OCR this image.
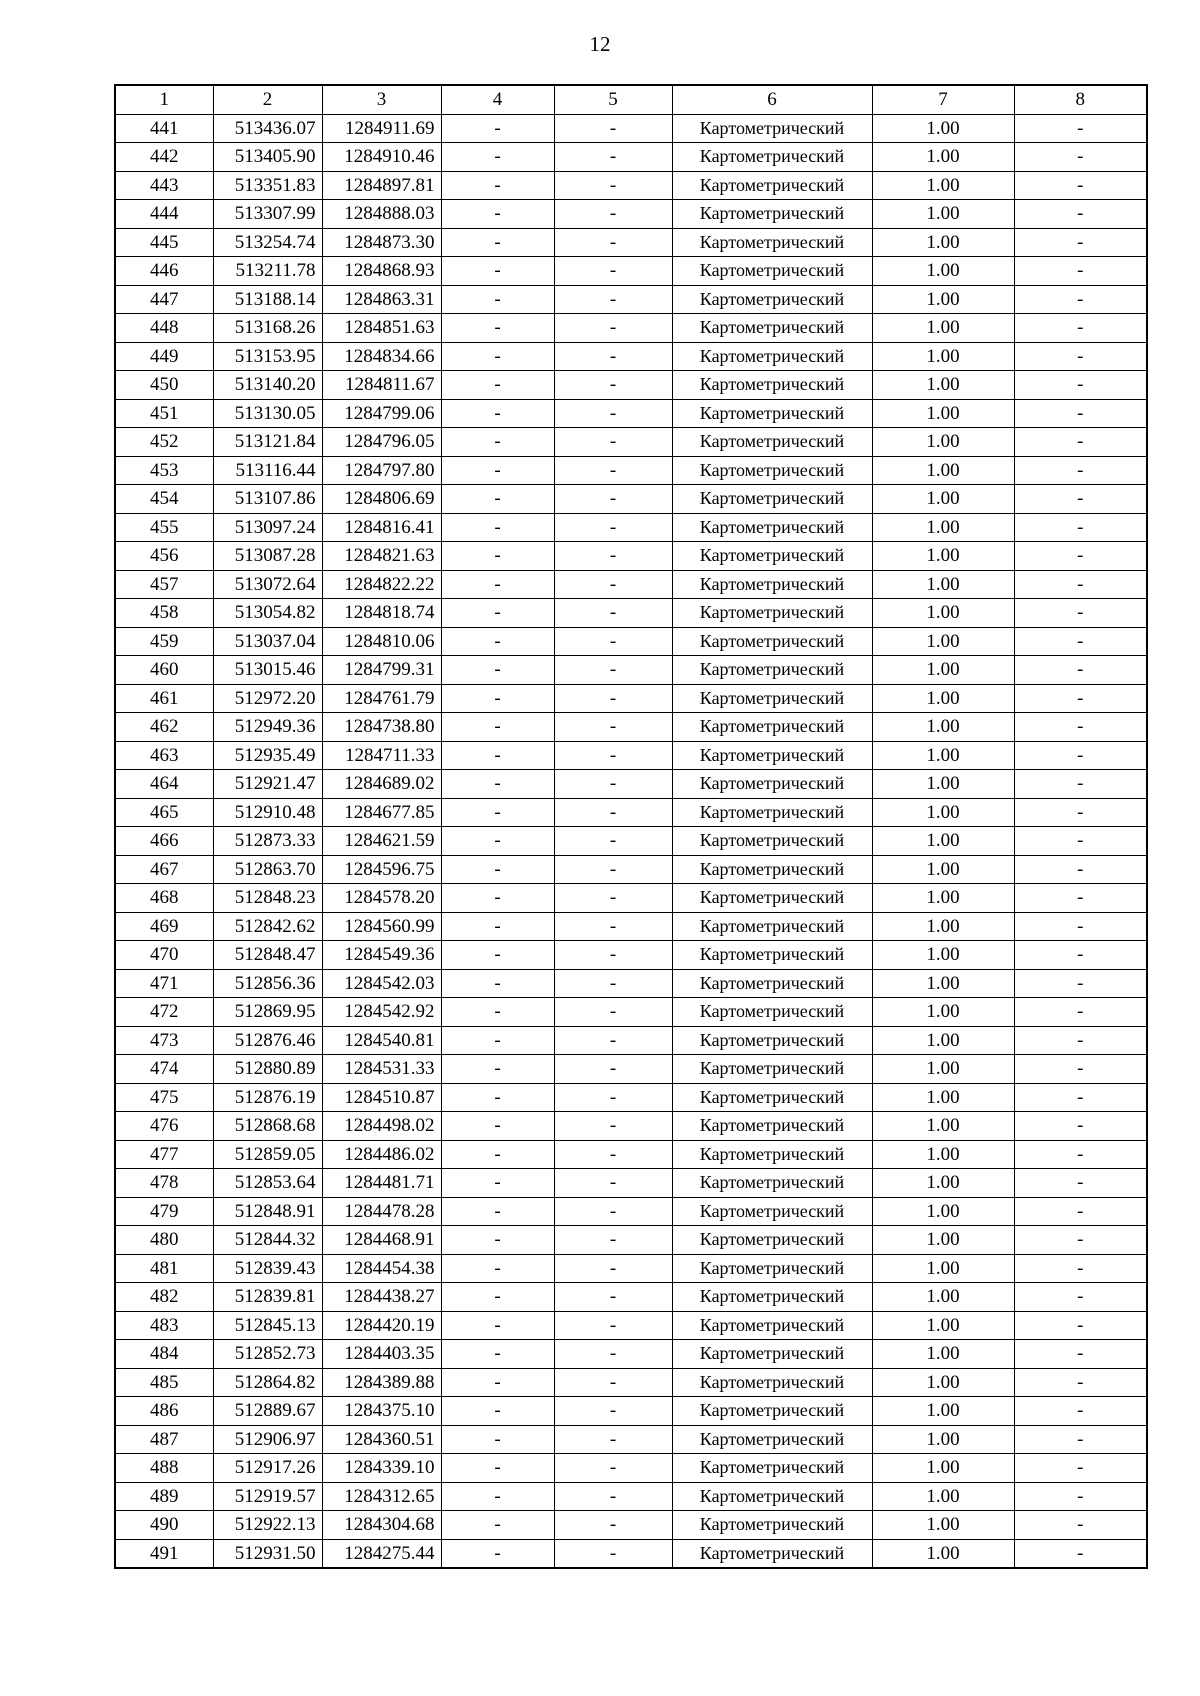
12
1	2	3	4	5	6	7	8
441	513436.07	1284911.69	-	-	Картометрический	1.00	-
442	513405.90	1284910.46	-	-	Картометрический	1.00	-
443	513351.83	1284897.81	-	-	Картометрический	1.00	-
444	513307.99	1284888.03	-	-	Картометрический	1.00	-
445	513254.74	1284873.30	-	-	Картометрический	1.00	-
446	513211.78	1284868.93	-	-	Картометрический	1.00	-
447	513188.14	1284863.31	-	-	Картометрический	1.00	-
448	513168.26	1284851.63	-	-	Картометрический	1.00	-
449	513153.95	1284834.66	-	-	Картометрический	1.00	-
450	513140.20	1284811.67	-	-	Картометрический	1.00	-
451	513130.05	1284799.06	-	-	Картометрический	1.00	-
452	513121.84	1284796.05	-	-	Картометрический	1.00	-
453	513116.44	1284797.80	-	-	Картометрический	1.00	-
454	513107.86	1284806.69	-	-	Картометрический	1.00	-
455	513097.24	1284816.41	-	-	Картометрический	1.00	-
456	513087.28	1284821.63	-	-	Картометрический	1.00	-
457	513072.64	1284822.22	-	-	Картометрический	1.00	-
458	513054.82	1284818.74	-	-	Картометрический	1.00	-
459	513037.04	1284810.06	-	-	Картометрический	1.00	-
460	513015.46	1284799.31	-	-	Картометрический	1.00	-
461	512972.20	1284761.79	-	-	Картометрический	1.00	-
462	512949.36	1284738.80	-	-	Картометрический	1.00	-
463	512935.49	1284711.33	-	-	Картометрический	1.00	-
464	512921.47	1284689.02	-	-	Картометрический	1.00	-
465	512910.48	1284677.85	-	-	Картометрический	1.00	-
466	512873.33	1284621.59	-	-	Картометрический	1.00	-
467	512863.70	1284596.75	-	-	Картометрический	1.00	-
468	512848.23	1284578.20	-	-	Картометрический	1.00	-
469	512842.62	1284560.99	-	-	Картометрический	1.00	-
470	512848.47	1284549.36	-	-	Картометрический	1.00	-
471	512856.36	1284542.03	-	-	Картометрический	1.00	-
472	512869.95	1284542.92	-	-	Картометрический	1.00	-
473	512876.46	1284540.81	-	-	Картометрический	1.00	-
474	512880.89	1284531.33	-	-	Картометрический	1.00	-
475	512876.19	1284510.87	-	-	Картометрический	1.00	-
476	512868.68	1284498.02	-	-	Картометрический	1.00	-
477	512859.05	1284486.02	-	-	Картометрический	1.00	-
478	512853.64	1284481.71	-	-	Картометрический	1.00	-
479	512848.91	1284478.28	-	-	Картометрический	1.00	-
480	512844.32	1284468.91	-	-	Картометрический	1.00	-
481	512839.43	1284454.38	-	-	Картометрический	1.00	-
482	512839.81	1284438.27	-	-	Картометрический	1.00	-
483	512845.13	1284420.19	-	-	Картометрический	1.00	-
484	512852.73	1284403.35	-	-	Картометрический	1.00	-
485	512864.82	1284389.88	-	-	Картометрический	1.00	-
486	512889.67	1284375.10	-	-	Картометрический	1.00	-
487	512906.97	1284360.51	-	-	Картометрический	1.00	-
488	512917.26	1284339.10	-	-	Картометрический	1.00	-
489	512919.57	1284312.65	-	-	Картометрический	1.00	-
490	512922.13	1284304.68	-	-	Картометрический	1.00	-
491	512931.50	1284275.44	-	-	Картометрический	1.00	-
